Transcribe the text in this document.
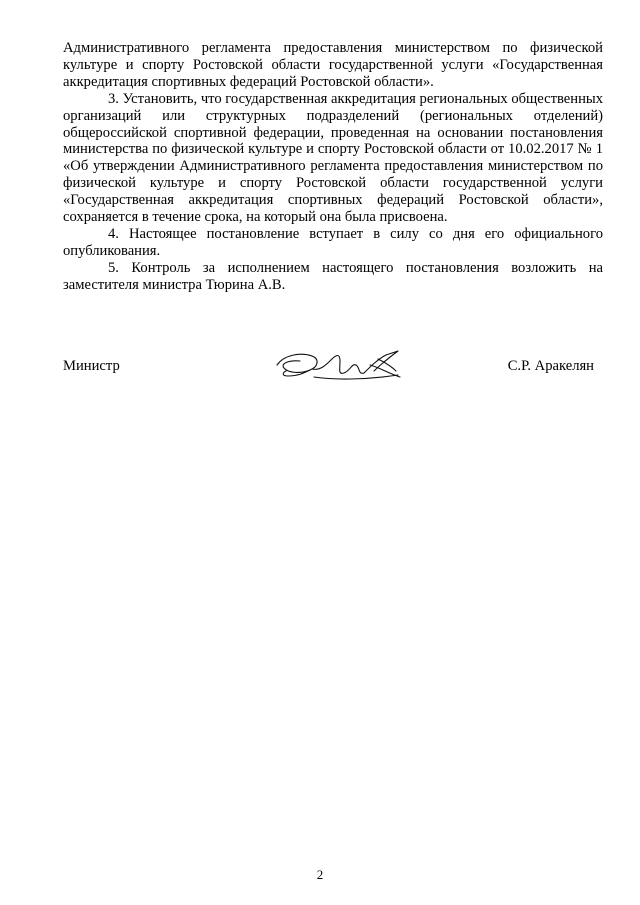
Административного регламента предоставления министерством по физической культуре и спорту Ростовской области государственной услуги «Государственная аккредитация спортивных федераций Ростовской области».

3. Установить, что государственная аккредитация региональных общественных организаций или структурных подразделений (региональных отделений) общероссийской спортивной федерации, проведенная на основании постановления министерства по физической культуре и спорту Ростовской области от 10.02.2017 № 1 «Об утверждении Административного регламента предоставления министерством по физической культуре и спорту Ростовской области государственной услуги «Государственная аккредитация спортивных федераций Ростовской области», сохраняется в течение срока, на который она была присвоена.

4. Настоящее постановление вступает в силу со дня его официального опубликования.

5. Контроль за исполнением настоящего постановления возложить на заместителя министра Тюрина А.В.

Министр	С.Р. Аракелян
2
